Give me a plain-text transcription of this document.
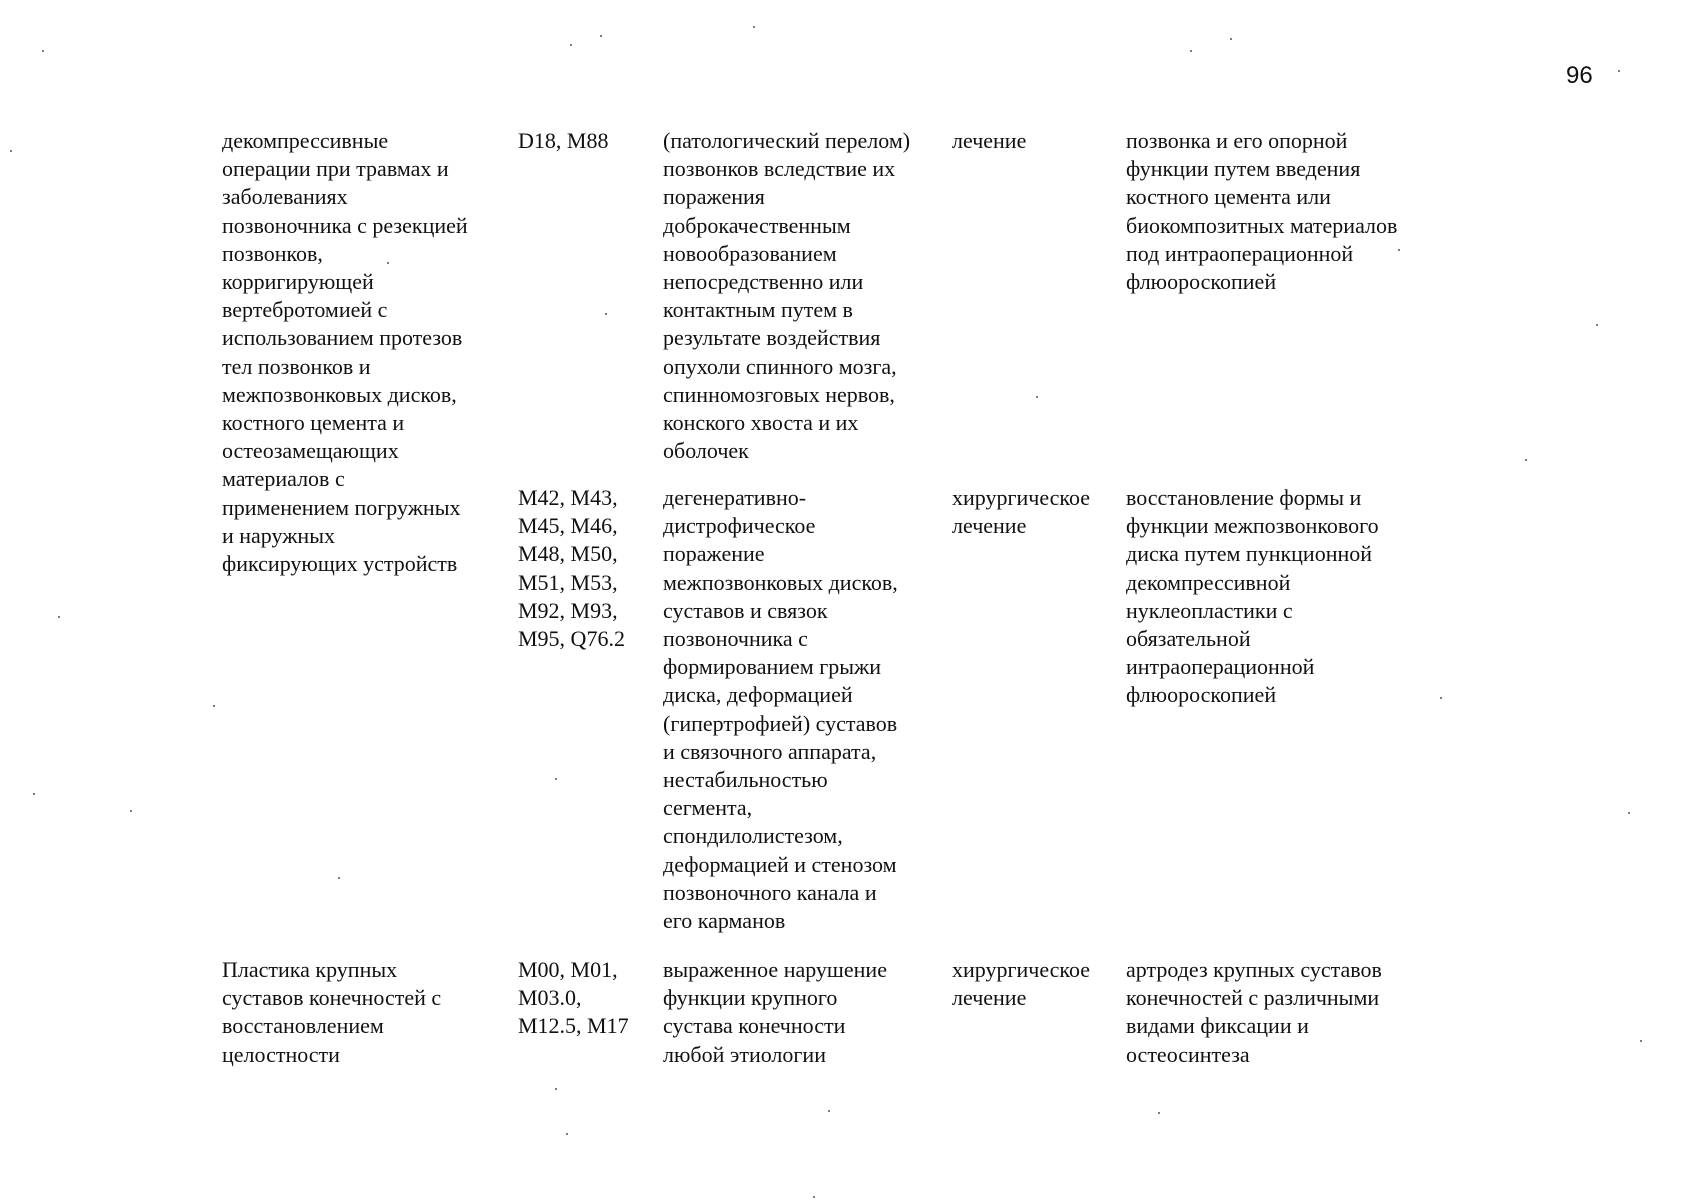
96
декомпрессивные
операции при травмах и
заболеваниях
позвоночника с резекцией
позвонков,
корригирующей
вертебротомией с
использованием протезов
тел позвонков и
межпозвонковых дисков,
костного цемента и
остеозамещающих
материалов с
применением погружных
и наружных
фиксирующих устройств
D18, M88	(патологический перелом)
позвонков вследствие их
поражения
доброкачественным
новообразованием
непосредственно или
контактным путем в
результате воздействия
опухоли спинного мозга,
спинномозговых нервов,
конского хвоста и их
оболочек
лечение	позвонка и его опорной
функции путем введения
костного цемента или
биокомпозитных материалов
под интраоперационной
флюороскопией
M42, M43,
M45, M46,
M48, M50,
M51, M53,
M92, M93,
M95, Q76.2
дегенеративно-
дистрофическое
поражение
межпозвонковых дисков,
суставов и связок
позвоночника с
формированием грыжи
диска, деформацией
(гипертрофией) суставов
и связочного аппарата,
нестабильностью
сегмента,
спондилолистезом,
деформацией и стенозом
позвоночного канала и
его карманов
хирургическое
лечение
восстановление формы и
функции межпозвонкового
диска путем пункционной
декомпрессивной
нуклеопластики с
обязательной
интраоперационной
флюороскопией
Пластика крупных
суставов конечностей с
восстановлением
целостности
M00, M01,
M03.0,
M12.5, M17
выраженное нарушение
функции крупного
сустава конечности
любой этиологии
хирургическое
лечение
артродез крупных суставов
конечностей с различными
видами фиксации и
остеосинтеза
